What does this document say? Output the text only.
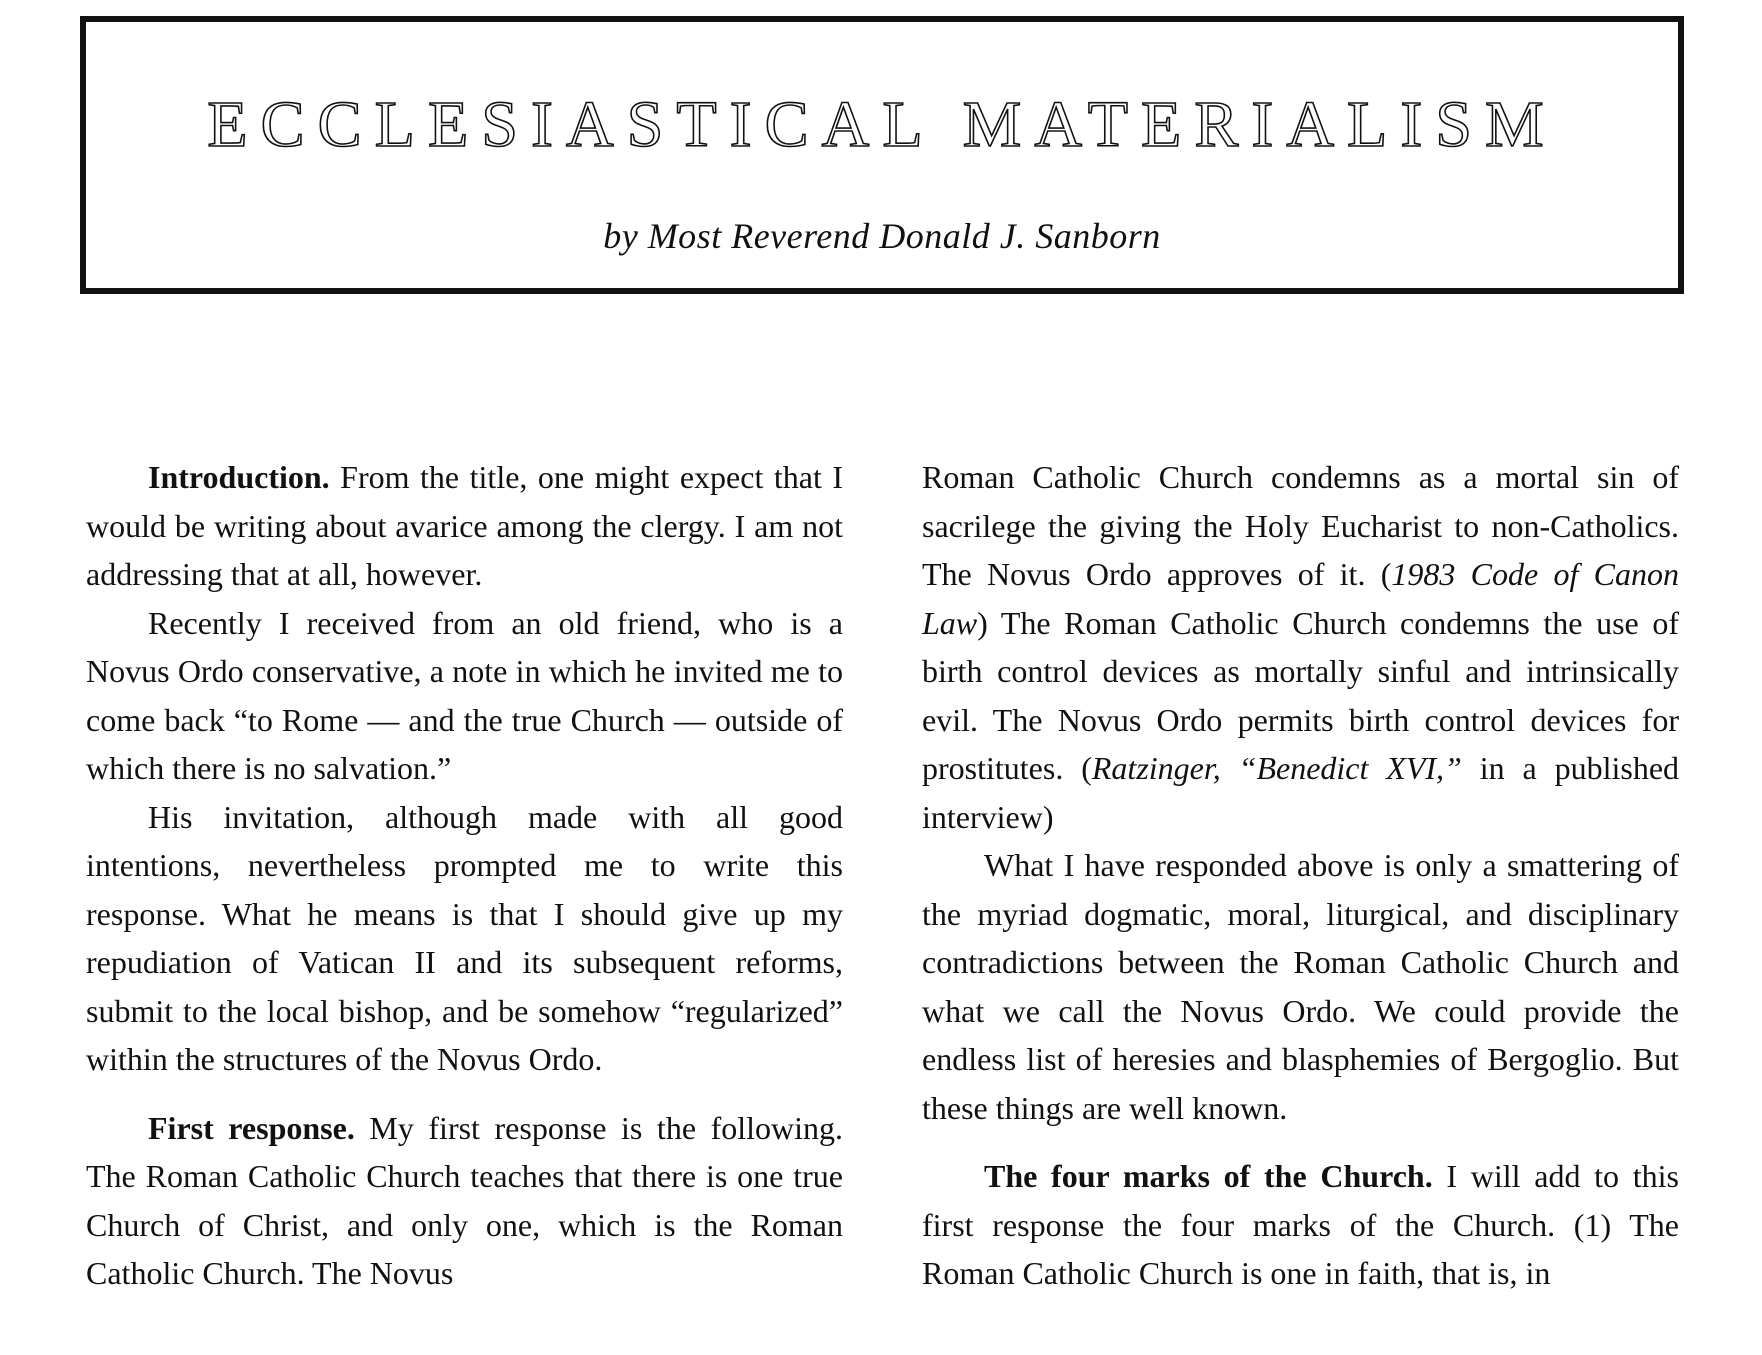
ECCLESIASTICAL MATERIALISM
by Most Reverend Donald J. Sanborn

Introduction. From the title, one might expect that I would be writing about avarice among the clergy. I am not addressing that at all, however.

Recently I received from an old friend, who is a Novus Ordo conservative, a note in which he invited me to come back “to Rome — and the true Church — outside of which there is no salvation.”

His invitation, although made with all good intentions, nevertheless prompted me to write this response. What he means is that I should give up my repudiation of Vatican II and its subsequent reforms, submit to the local bishop, and be somehow “regularized” within the structures of the Novus Ordo.

First response. My first response is the following. The Roman Catholic Church teaches that there is one true Church of Christ, and only one, which is the Roman Catholic Church. The Novus

Roman Catholic Church condemns as a mortal sin of sacrilege the giving the Holy Eucharist to non-Catholics. The Novus Ordo approves of it. (1983 Code of Canon Law) The Roman Catholic Church condemns the use of birth control devices as mortally sinful and intrinsically evil. The Novus Ordo permits birth control devices for prostitutes. (Ratzinger, “Benedict XVI,” in a published interview)

What I have responded above is only a smattering of the myriad dogmatic, moral, liturgical, and disciplinary contradictions between the Roman Catholic Church and what we call the Novus Ordo. We could provide the endless list of heresies and blasphemies of Bergoglio. But these things are well known.

The four marks of the Church. I will add to this first response the four marks of the Church. (1) The Roman Catholic Church is one in faith, that is, in
